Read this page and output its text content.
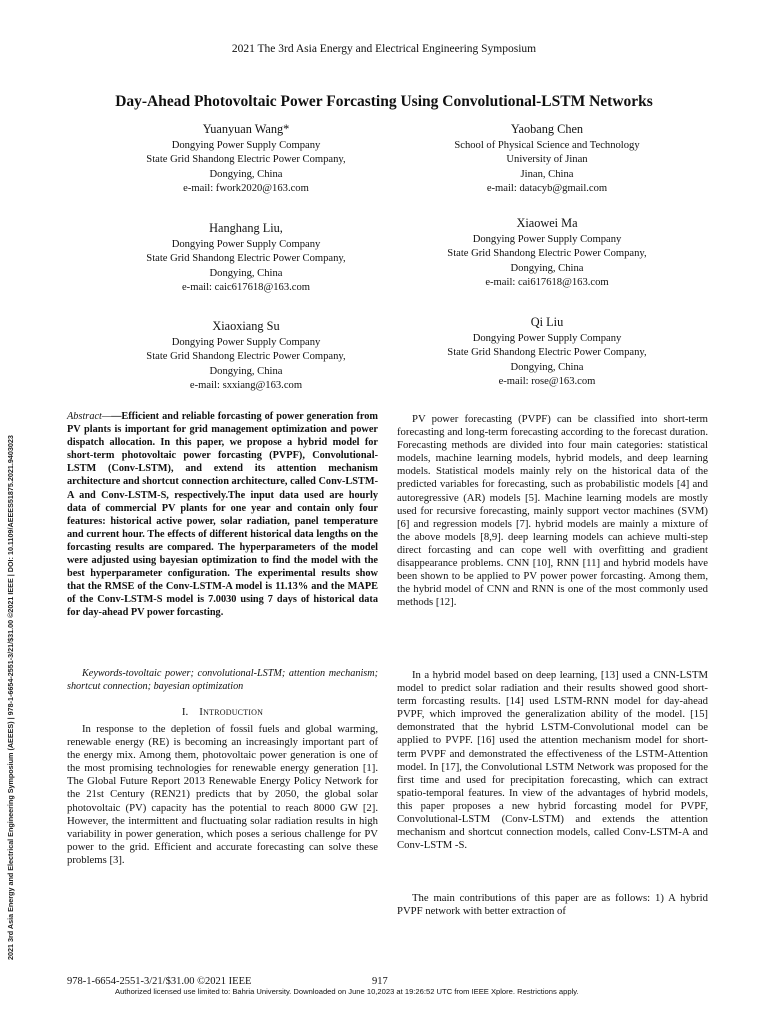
2021 The 3rd Asia Energy and Electrical Engineering Symposium
Day-Ahead Photovoltaic Power Forcasting Using Convolutional-LSTM Networks
Yuanyuan Wang*
Dongying Power Supply Company
State Grid Shandong Electric Power Company,
Dongying, China
e-mail: fwork2020@163.com
Hanghang Liu,
Dongying Power Supply Company
State Grid Shandong Electric Power Company,
Dongying, China
e-mail: caic617618@163.com
Xiaoxiang Su
Dongying Power Supply Company
State Grid Shandong Electric Power Company,
Dongying, China
e-mail: sxxiang@163.com
Yaobang Chen
School of Physical Science and Technology
University of Jinan
Jinan, China
e-mail: datacyb@gmail.com
Xiaowei Ma
Dongying Power Supply Company
State Grid Shandong Electric Power Company,
Dongying, China
e-mail: cai617618@163.com
Qi Liu
Dongying Power Supply Company
State Grid Shandong Electric Power Company,
Dongying, China
e-mail: rose@163.com
2021 3rd Asia Energy and Electrical Engineering Symposium (AEEES) | 978-1-6654-2551-3/21/$31.00 ©2021 IEEE | DOI: 10.1109/AEEES51875.2021.9403023
Abstract——Efficient and reliable forcasting of power generation from PV plants is important for grid management optimization and power dispatch allocation. In this paper, we propose a hybrid model for short-term photovoltaic power forcasting (PVPF), Convolutional-LSTM (Conv-LSTM), and extend its attention mechanism architecture and shortcut connection architecture, called Conv-LSTM-A and Conv-LSTM-S, respectively.The input data used are hourly data of commercial PV plants for one year and contain only four features: historical active power, solar radiation, panel temperature and current hour. The effects of different historical data lengths on the forcasting results are compared. The hyperparameters of the model were adjusted using bayesian optimization to find the model with the best hyperparameter configuration. The experimental results show that the RMSE of the Conv-LSTM-A model is 11.13% and the MAPE of the Conv-LSTM-S model is 7.0030 using 7 days of historical data for day-ahead PV power forcasting.

Keywords-tovoltaic power; convolutional-LSTM; attention mechanism; shortcut connection; bayesian optimization

I. Introduction

In response to the depletion of fossil fuels and global warming, renewable energy (RE) is becoming an increasingly important part of the energy mix. Among them, photovoltaic power generation is one of the most promising technologies for renewable energy generation [1]. The Global Future Report 2013 Renewable Energy Policy Network for the 21st Century (REN21) predicts that by 2050, the global solar photovoltaic (PV) capacity has the potential to reach 8000 GW [2]. However, the intermittent and fluctuating solar radiation results in high variability in power generation, which poses a serious challenge for PV power to the grid. Efficient and accurate forecasting can solve these problems [3].

PV power forecasting (PVPF) can be classified into short-term forecasting and long-term forecasting according to the forecast duration. Forecasting methods are divided into four main categories: statistical models, machine learning models, hybrid models, and deep learning models. Statistical models mainly rely on the historical data of the predicted variables for forecasting, such as probabilistic models [4] and autoregressive (AR) models [5]. Machine learning models are mostly used for recursive forecasting, mainly support vector machines (SVM) [6] and regression models [7]. hybrid models are mainly a mixture of the above models [8,9]. deep learning models can achieve multi-step direct forcasting and can cope well with overfitting and gradient disappearance problems. CNN [10], RNN [11] and hybrid models have been shown to be applied to PV power power forcasting. Among them, the hybrid model of CNN and RNN is one of the most commonly used methods [12].

In a hybrid model based on deep learning, [13] used a CNN-LSTM model to predict solar radiation and their results showed good short-term forcasting results. [14] used LSTM-RNN model for day-ahead PVPF, which improved the generalization ability of the model. [15] demonstrated that the hybrid LSTM-Convolutional model can be applied to PVPF. [16] used the attention mechanism model for short-term PVPF and demonstrated the effectiveness of the LSTM-Attention model. In [17], the Convolutional LSTM Network was proposed for the first time and used for precipitation forecasting, which can extract spatio-temporal features. In view of the advantages of hybrid models, this paper proposes a new hybrid forcasting model for PVPF, Convolutional-LSTM (Conv-LSTM) and extends the attention mechanism and shortcut connection models, called Conv-LSTM-A and Conv-LSTM -S.

The main contributions of this paper are as follows: 1) A hybrid PVPF network with better extraction of

978-1-6654-2551-3/21/$31.00 ©2021 IEEE	917
Authorized licensed use limited to: Bahria University. Downloaded on June 10,2023 at 19:26:52 UTC from IEEE Xplore. Restrictions apply.
